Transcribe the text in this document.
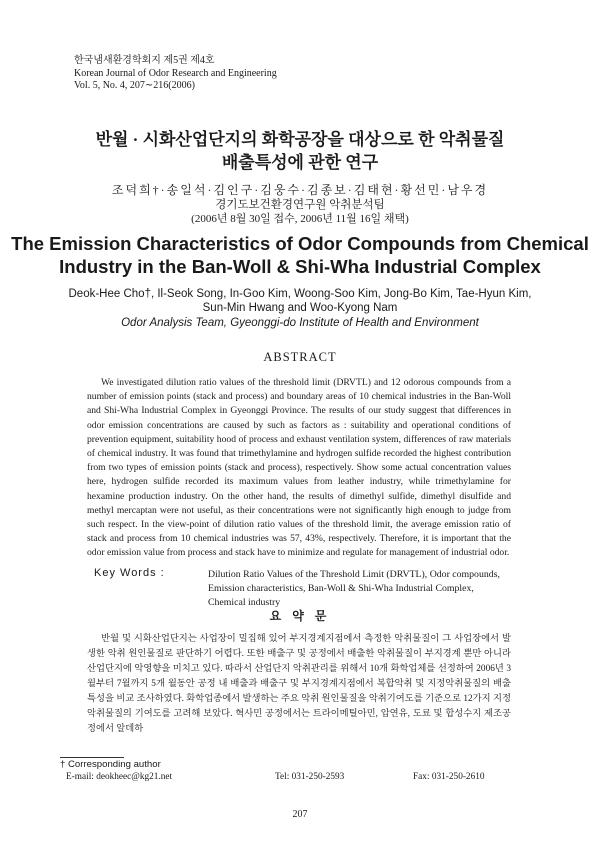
한국냄새환경학회지 제5권 제4호
Korean Journal of Odor Research and Engineering
Vol. 5, No. 4, 207∼216(2006)
반월 · 시화산업단지의 화학공장을 대상으로 한 악취물질
배출특성에 관한 연구
조덕희†·송일석·김인구·김웅수·김종보·김태현·황선민·남우경
경기도보건환경연구원 악취분석팀
(2006년 8월 30일 접수, 2006년 11월 16일 채택)
The Emission Characteristics of Odor Compounds from Chemical
Industry in the Ban-Woll & Shi-Wha Industrial Complex
Deok-Hee Cho†, Il-Seok Song, In-Goo Kim, Woong-Soo Kim, Jong-Bo Kim, Tae-Hyun Kim,
Sun-Min Hwang and Woo-Kyong Nam
Odor Analysis Team, Gyeonggi-do Institute of Health and Environment
ABSTRACT

We investigated dilution ratio values of the threshold limit (DRVTL) and 12 odorous compounds from a number of emission points (stack and process) and boundary areas of 10 chemical industries in the Ban-Woll and Shi-Wha Industrial Complex in Gyeonggi Province. The results of our study suggest that differences in odor emission concentrations are caused by such as factors as : suitability and operational conditions of prevention equipment, suitability hood of process and exhaust ventilation system, differences of raw materials of chemical industry. It was found that trimethylamine and hydrogen sulfide recorded the highest contribution from two types of emission points (stack and process), respectively. Show some actual concentration values here, hydrogen sulfide recorded its maximum values from leather industry, while trimethylamine for hexamine production industry. On the other hand, the results of dimethyl sulfide, dimethyl disulfide and methyl mercaptan were not useful, as their concentrations were not significantly high enough to judge from such respect. In the view-point of dilution ratio values of the threshold limit, the average emission ratio of stack and process from 10 chemical industries was 57, 43%, respectively. Therefore, it is important that the odor emission value from process and stack have to minimize and regulate for management of industrial odor.

Key Words :	Dilution Ratio Values of the Threshold Limit (DRVTL), Odor compounds, Emission characteristics, Ban-Woll & Shi-Wha Industrial Complex, Chemical industry

요 약 문

반월 및 시화산업단지는 사업장이 밀집해 있어 부지경계지점에서 측정한 악취물질이 그 사업장에서 발생한 악취 원인물질로 판단하기 어렵다. 또한 배출구 및 공정에서 배출한 악취물질이 부지경계 뿐만 아니라 산업단지에 악영향을 미치고 있다. 따라서 산업단지 악취관리를 위해서 10개 화학업체를 선정하여 2006년 3월부터 7월까지 5개 월동안 공정 내 배출과 배출구 및 부지경계지점에서 복합악취 및 지정악취물질의 배출특성을 비교 조사하였다. 화학업종에서 발생하는 주요 악취 원인물질을 악취기여도를 기준으로 12가지 지정악취물질의 기여도를 고려해 보았다. 혁사민 공정에서는 트라이메틸아민, 압연유, 도료 및 합성수지 제조공정에서 알데하

† Corresponding author
E-mail: deokheec@kg21.net	Tel: 031-250-2593	Fax: 031-250-2610
207
